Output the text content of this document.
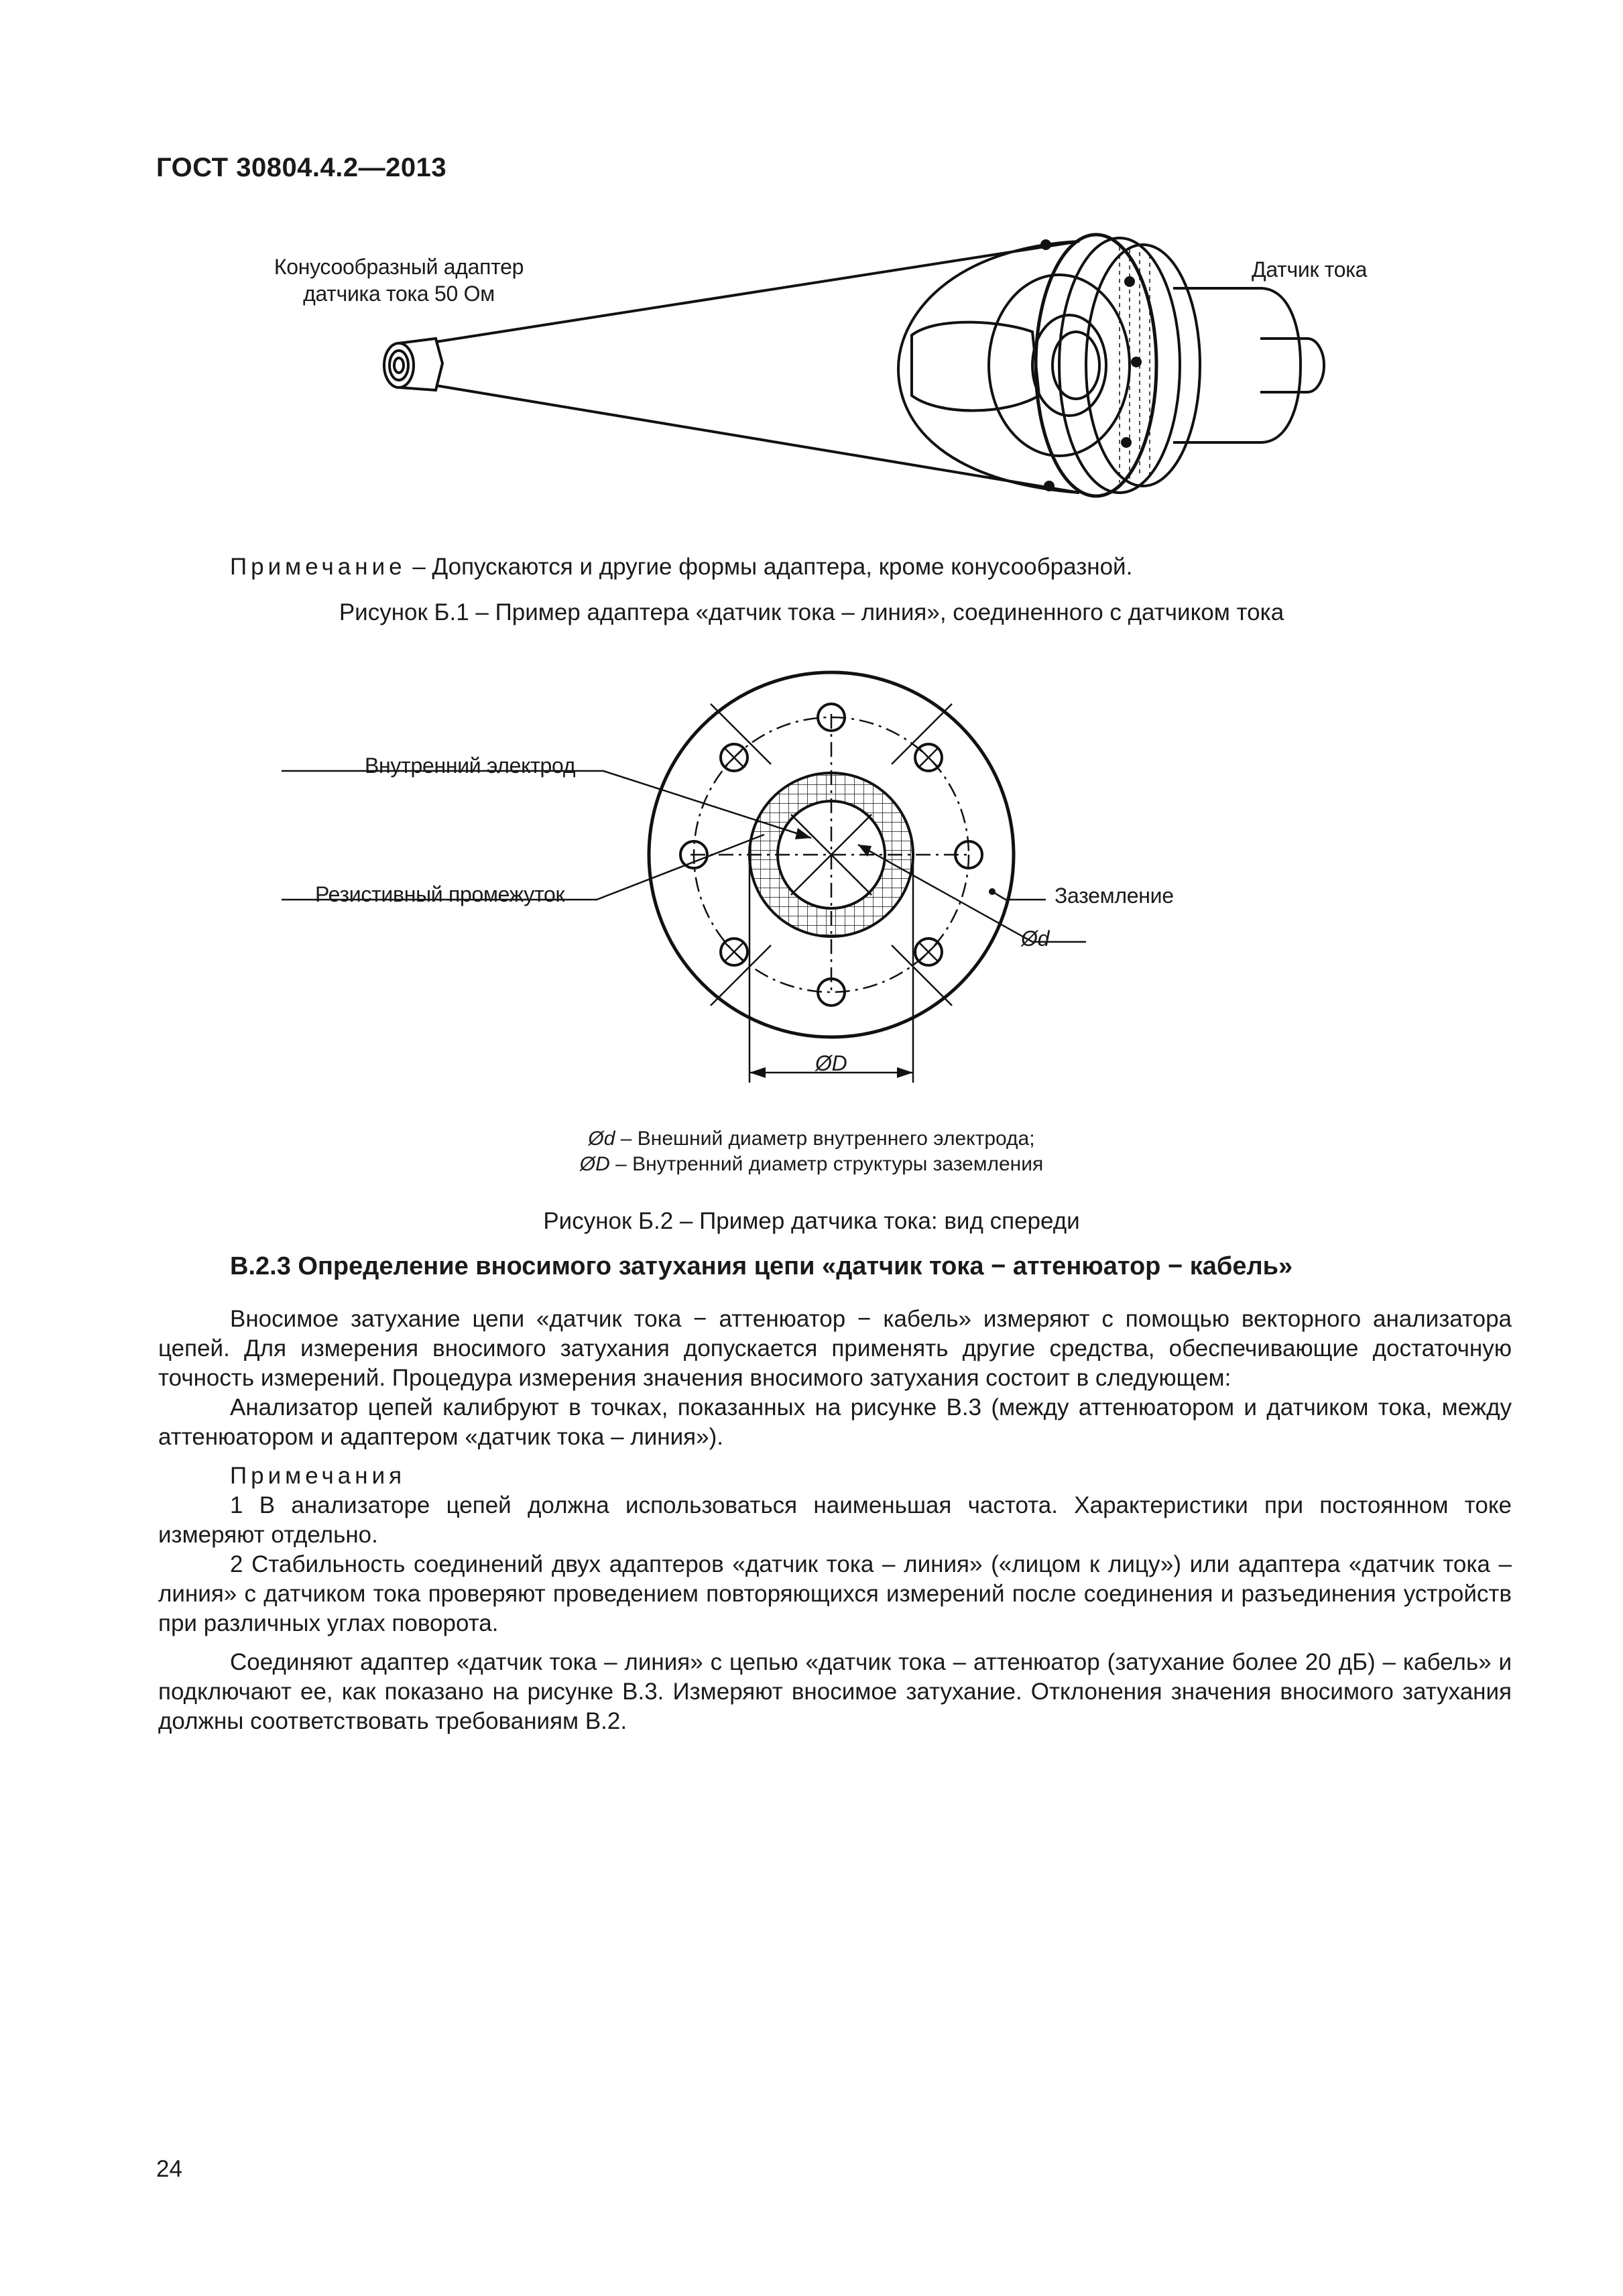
ГОСТ 30804.4.2—2013
Конусообразный адаптер
датчика тока 50 Ом
Датчик тока
Примечание – Допускаются и другие формы адаптера, кроме конусообразной.
Рисунок Б.1 – Пример адаптера «датчик тока – линия», соединенного с датчиком тока
Внутренний электрод
Резистивный промежуток	Заземление
Ød
ØD
Ød – Внешний диаметр внутреннего электрода;
ØD – Внутренний диаметр структуры заземления
Рисунок Б.2 – Пример датчика тока: вид спереди
В.2.3 Определение вносимого затухания цепи «датчик тока − аттенюатор − кабель»

Вносимое затухание цепи «датчик тока − аттенюатор − кабель» измеряют с помощью векторного анализатора цепей. Для измерения вносимого затухания допускается применять другие средства, обеспечивающие достаточную точность измерений. Процедура измерения значения вносимого затухания состоит в следующем:

Анализатор цепей калибруют в точках, показанных на рисунке В.3 (между аттенюатором и датчиком тока, между аттенюатором и адаптером «датчик тока – линия»).

Примечания

1 В анализаторе цепей должна использоваться наименьшая частота. Характеристики при постоянном токе измеряют отдельно.

2 Стабильность соединений двух адаптеров «датчик тока – линия» («лицом к лицу») или адаптера «датчик тока – линия» с датчиком тока проверяют проведением повторяющихся измерений после соединения и разъединения устройств при различных углах поворота.

Соединяют адаптер «датчик тока – линия» с цепью «датчик тока – аттенюатор (затухание более 20 дБ) – кабель» и подключают ее, как показано на рисунке В.3. Измеряют вносимое затухание. Отклонения значения вносимого затухания должны соответствовать требованиям В.2.

24
